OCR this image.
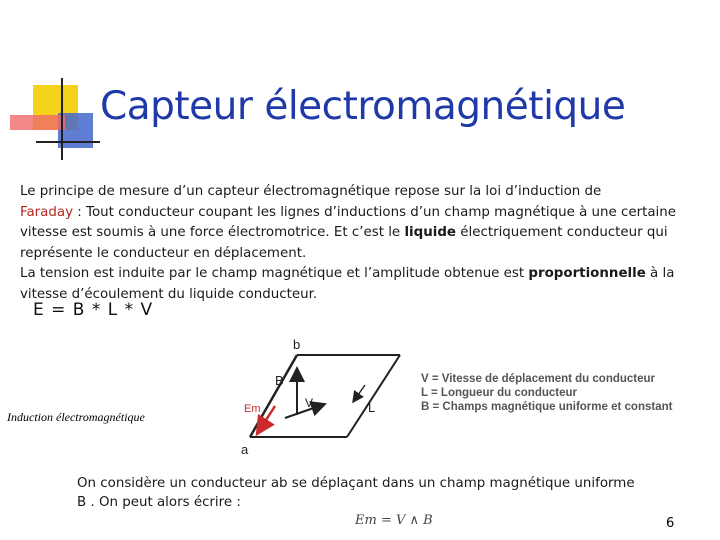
Capteur électromagnétique
Le principe de mesure d’un capteur électromagnétique repose sur la loi d’induction de
Faraday : Tout conducteur coupant les lignes d’inductions d’un champ magnétique à une certaine vitesse est soumis à une force électromotrice. Et c’est le liquide électriquement conducteur qui représente le conducteur en déplacement.
La tension est induite par le champ magnétique et l’amplitude obtenue est proportionnelle à la vitesse d’écoulement du liquide conducteur.
E = B * L * V
b
a
B
V	L
Em
Induction électromagnétique
V = Vitesse de déplacement du conducteur
L = Longueur du conducteur
B = Champs magnétique uniforme et constant
On considère un conducteur ab se déplaçant dans un champ magnétique uniforme B . On peut alors écrire :
Em = V ∧ B	6
